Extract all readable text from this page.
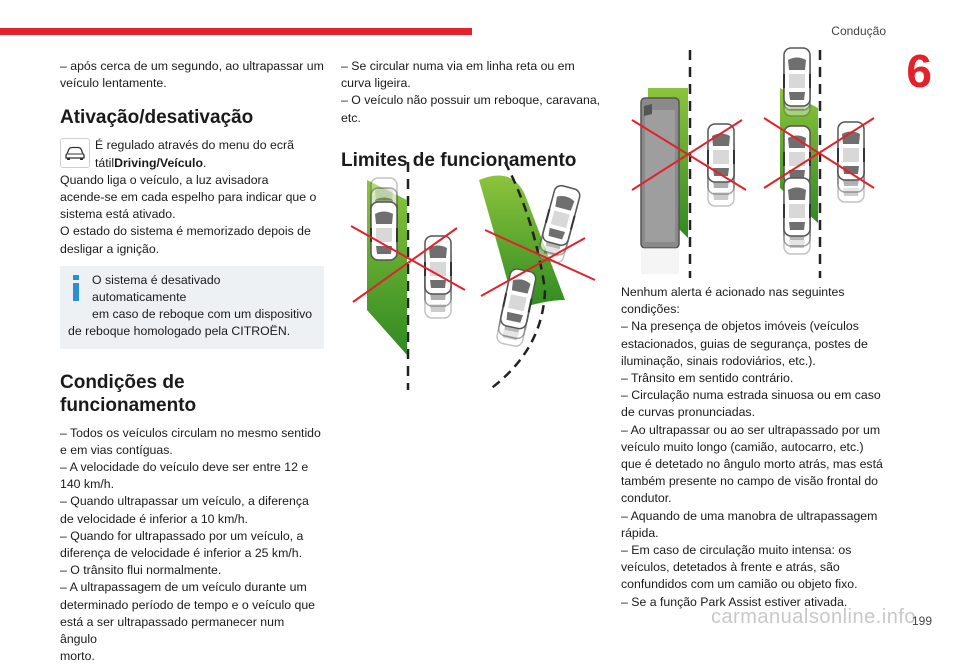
Condução
6
– após cerca de um segundo, ao ultrapassar um
veículo lentamente.
Ativação/desativação
É regulado através do menu do ecrã
tátilDriving/Veículo.
Quando liga o veículo, a luz avisadora
acende-se em cada espelho para indicar que o
sistema está ativado.
O estado do sistema é memorizado depois de
desligar a ignição.
O sistema é desativado automaticamente
em caso de reboque com um dispositivo
de reboque homologado pela CITROËN.
Condições de
funcionamento
– Todos os veículos circulam no mesmo sentido
e em vias contíguas.
– A velocidade do veículo deve ser entre 12 e
140 km/h.
– Quando ultrapassar um veículo, a diferença
de velocidade é inferior a 10 km/h.
– Quando for ultrapassado por um veículo, a
diferença de velocidade é inferior a 25 km/h.
– O trânsito flui normalmente.
– A ultrapassagem de um veículo durante um
determinado período de tempo e o veículo que
está a ser ultrapassado permanecer num ângulo
morto.
– Se circular numa via em linha reta ou em
curva ligeira.
– O veículo não possuir um reboque, caravana,
etc.
Limites de funcionamento
Nenhum alerta é acionado nas seguintes
condições:
– Na presença de objetos imóveis (veículos
estacionados, guias de segurança, postes de
iluminação, sinais rodoviários, etc.).
– Trânsito em sentido contrário.
– Circulação numa estrada sinuosa ou em caso
de curvas pronunciadas.
– Ao ultrapassar ou ao ser ultrapassado por um
veículo muito longo (camião, autocarro, etc.)
que é detetado no ângulo morto atrás, mas está
também presente no campo de visão frontal do
condutor.
– Aquando de uma manobra de ultrapassagem
rápida.
– Em caso de circulação muito intensa: os
veículos, detetados à frente e atrás, são
confundidos com um camião ou objeto fixo.
– Se a função Park Assist estiver ativada.
carmanualsonline.info
199
